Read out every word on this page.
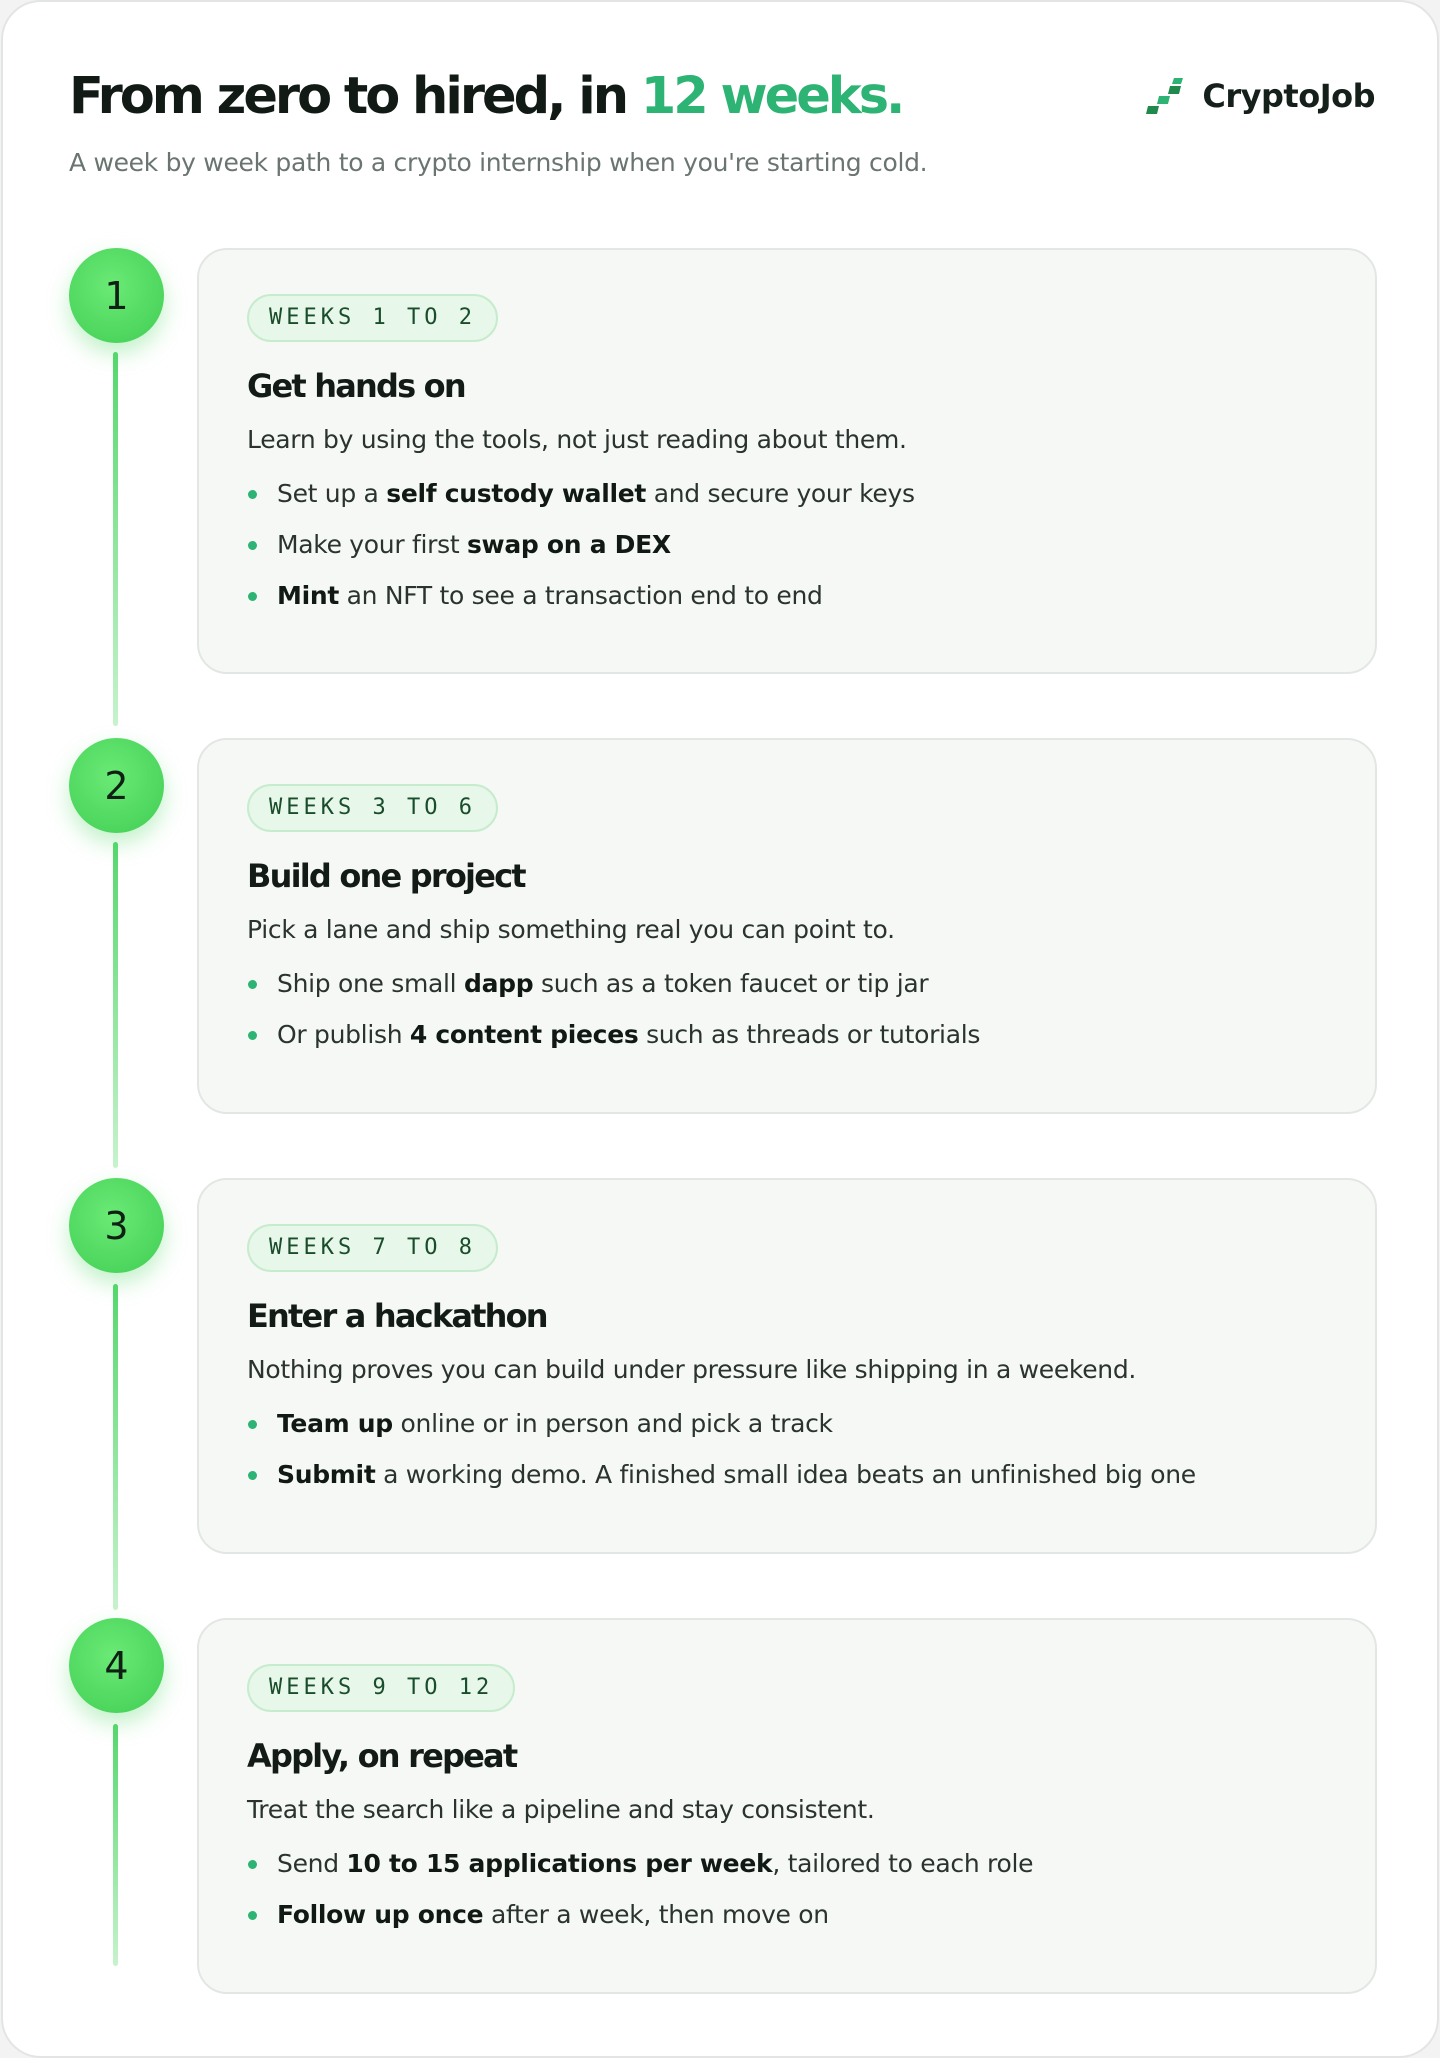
From zero to hired, in 12 weeks.

A week by week path to a crypto internship when you're starting cold.

CryptoJob
1	WEEKS 1 TO 2
Get hands on

Learn by using the tools, not just reading about them.

Set up a self custody wallet and secure your keys
Make your first swap on a DEX
Mint an NFT to see a transaction end to end
2	WEEKS 3 TO 6
Build one project

Pick a lane and ship something real you can point to.

Ship one small dapp such as a token faucet or tip jar
Or publish 4 content pieces such as threads or tutorials
3	WEEKS 7 TO 8
Enter a hackathon

Nothing proves you can build under pressure like shipping in a weekend.

Team up online or in person and pick a track
Submit a working demo. A finished small idea beats an unfinished big one
4	WEEKS 9 TO 12
Apply, on repeat

Treat the search like a pipeline and stay consistent.

Send 10 to 15 applications per week, tailored to each role
Follow up once after a week, then move on
